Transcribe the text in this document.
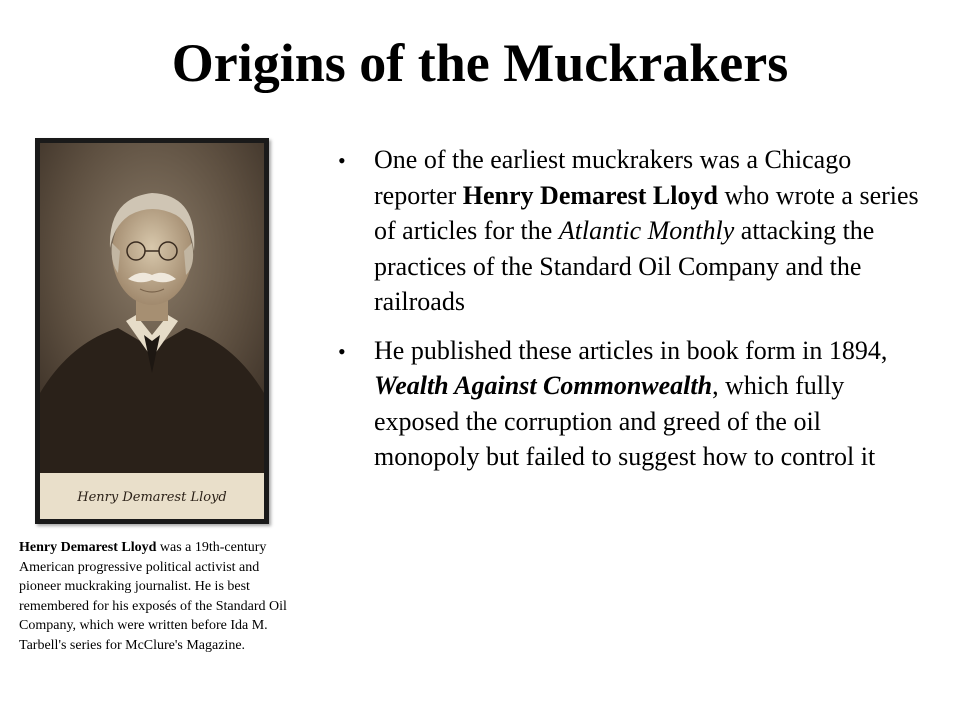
Origins of the Muckrakers
Henry Demarest Lloyd
Henry Demarest Lloyd was a 19th-century American progressive political activist and pioneer muckraking journalist. He is best remembered for his exposés of the Standard Oil Company, which were written before Ida M. Tarbell's series for McClure's Magazine.
• One of the earliest muckrakers was a Chicago reporter Henry Demarest Lloyd who wrote a series of articles for the Atlantic Monthly attacking the practices of the Standard Oil Company and the railroads
• He published these articles in book form in 1894, Wealth Against Commonwealth, which fully exposed the corruption and greed of the oil monopoly but failed to suggest how to control it
